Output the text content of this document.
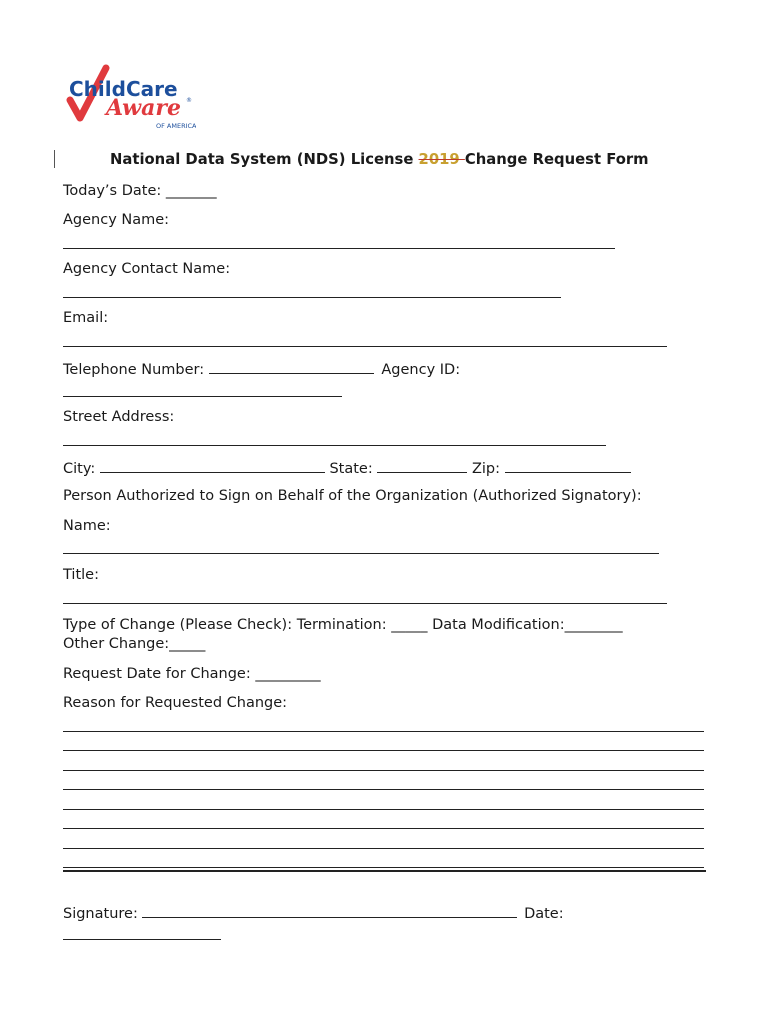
ChildCare
Aware
OF AMERICA
®
National Data System (NDS) License 2019 Change Request Form
Today’s Date: _______
Agency Name:
Agency Contact Name:
Email:
Telephone Number:	Agency ID:
Street Address:
City:	State:	Zip:
Person Authorized to Sign on Behalf of the Organization (Authorized Signatory):
Name:
Title:
Type of Change (Please Check): Termination: _____ Data Modification:________
Other Change:_____
Request Date for Change: _________
Reason for Requested Change:
Signature:	Date:
